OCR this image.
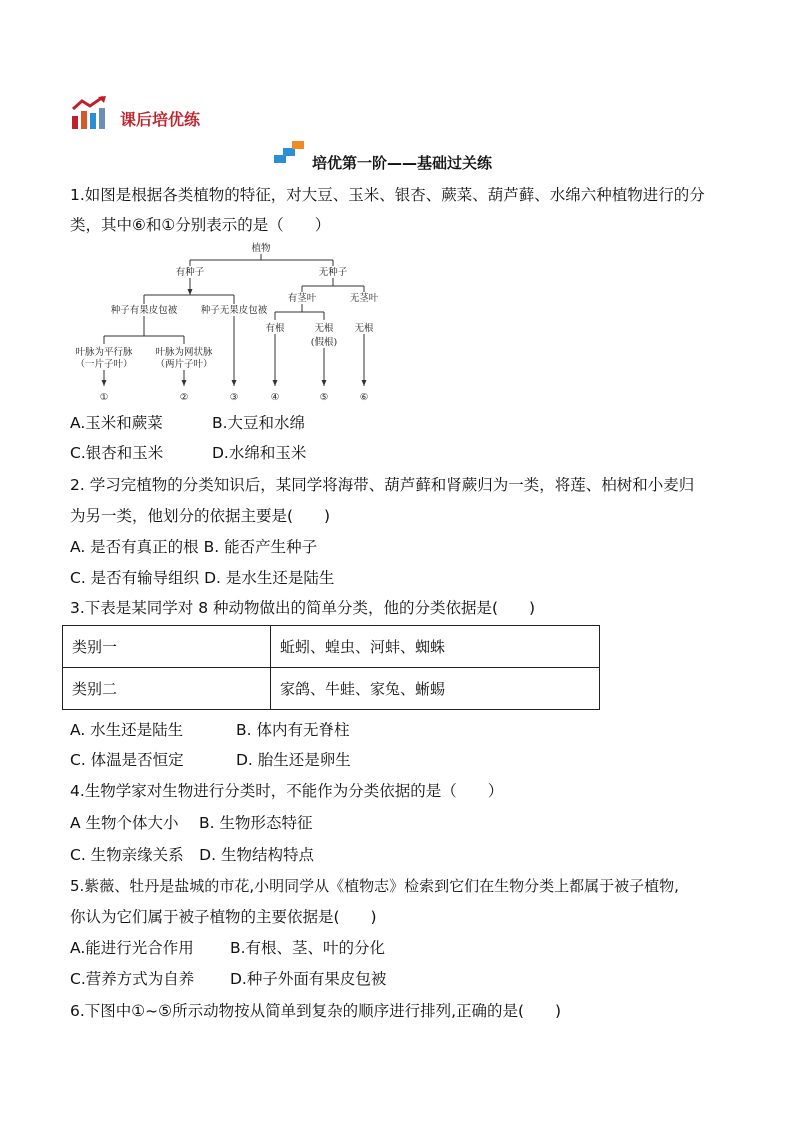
课后培优练
培优第一阶——基础过关练
1.如图是根据各类植物的特征，对大豆、玉米、银杏、蕨菜、葫芦藓、水绵六种植物进行的分
类，其中⑥和①分别表示的是（　　）
植物
有种子	无种子
种子有果皮包被 种子无果皮包被
有茎叶	无茎叶
有根	无根
(假根)
无根
叶脉为平行脉
（一片子叶）
叶脉为网状脉
（两片子叶）
①	②	③	④	⑤	⑥
A.玉米和蕨菜	B.大豆和水绵
C.银杏和玉米	D.水绵和玉米
2. 学习完植物的分类知识后，某同学将海带、葫芦藓和肾蕨归为一类，将莲、柏树和小麦归
为另一类，他划分的依据主要是(　　)
A. 是否有真正的根 B. 能否产生种子
C. 是否有输导组织 D. 是水生还是陆生
3.下表是某同学对 8 种动物做出的简单分类，他的分类依据是(　　)
类别一	蚯蚓、蝗虫、河蚌、蜘蛛
类别二	家鸽、牛蛙、家兔、蜥蜴
A. 水生还是陆生	B. 体内有无脊柱
C. 体温是否恒定	D. 胎生还是卵生
4.生物学家对生物进行分类时，不能作为分类依据的是（　　）
A 生物个体大小　 B. 生物形态特征
C. 生物亲缘关系　D. 生物结构特点
5.紫薇、牡丹是盐城的市花,小明同学从《植物志》检索到它们在生物分类上都属于被子植物,
你认为它们属于被子植物的主要依据是(　　)
A.能进行光合作用 B.有根、茎、叶的分化
C.营养方式为自养 D.种子外面有果皮包被
6.下图中①~⑤所示动物按从简单到复杂的顺序进行排列,正确的是(　　)
